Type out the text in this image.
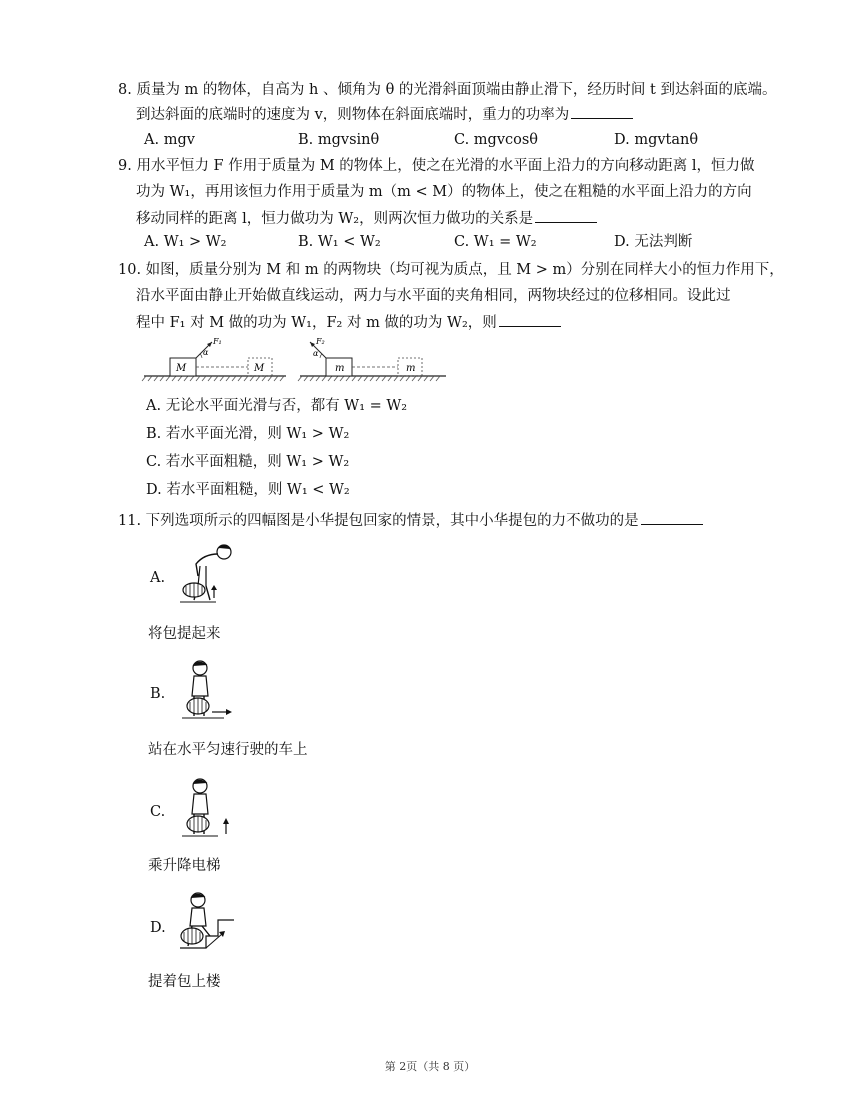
8. 质量为 m 的物体，自高为 h 、倾角为 θ 的光滑斜面顶端由静止滑下，经历时间 t 到达斜面的底端。
到达斜面的底端时的速度为 v，则物体在斜面底端时，重力的功率为
A. mgv	B. mgvsinθ	C. mgvcosθ	D. mgvtanθ
9. 用水平恒力 F 作用于质量为 M 的物体上，使之在光滑的水平面上沿力的方向移动距离 l，恒力做
功为 W₁，再用该恒力作用于质量为 m（m < M）的物体上，使之在粗糙的水平面上沿力的方向
移动同样的距离 l，恒力做功为 W₂，则两次恒力做功的关系是
A. W₁ > W₂	B. W₁ < W₂	C. W₁ = W₂	D. 无法判断
10. 如图，质量分别为 M 和 m 的两物块（均可视为质点，且 M > m）分别在同样大小的恒力作用下，
沿水平面由静止开始做直线运动，两力与水平面的夹角相同，两物块经过的位移相同。设此过
程中 F₁ 对 M 做的功为 W₁，F₂ 对 m 做的功为 W₂，则
M	M
F₁
α
m	m
F₂
α
A. 无论水平面光滑与否，都有 W₁ = W₂
B. 若水平面光滑，则 W₁ > W₂
C. 若水平面粗糙，则 W₁ > W₂
D. 若水平面粗糙，则 W₁ < W₂
11. 下列选项所示的四幅图是小华提包回家的情景，其中小华提包的力不做功的是
A.
将包提起来
B.
站在水平匀速行驶的车上
C.
乘升降电梯
D.
提着包上楼
第 2页（共 8 页）
